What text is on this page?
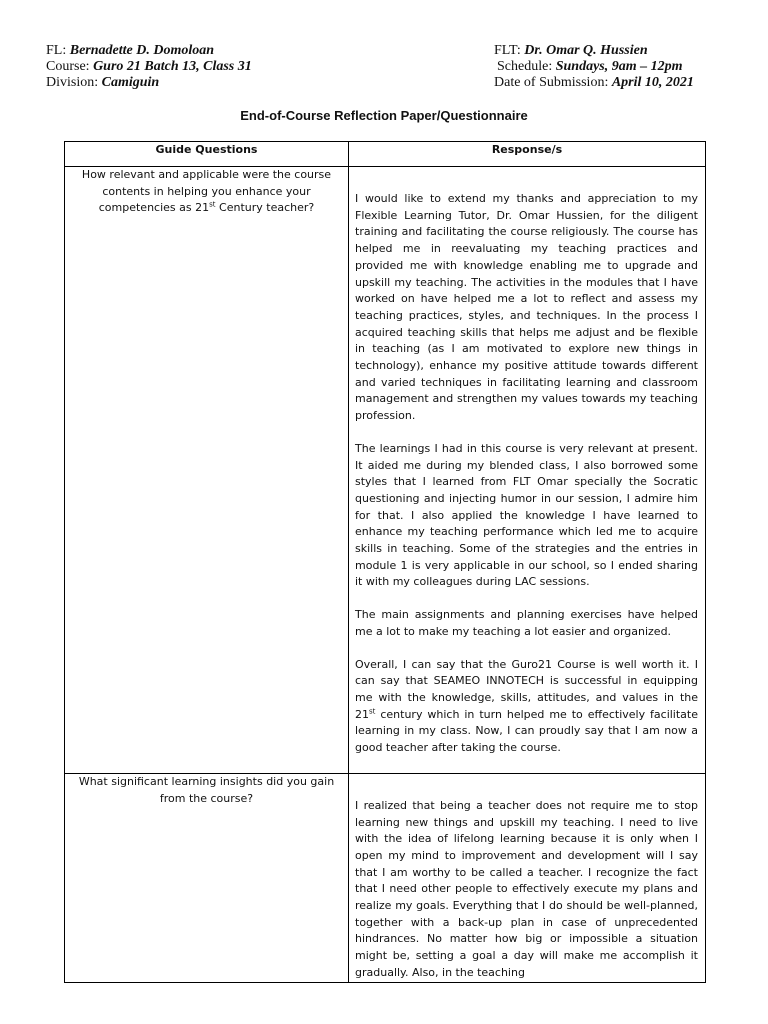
FL: Bernadette D. Domoloan
Course: Guro 21 Batch 13, Class 31
Division: Camiguin
FLT: Dr. Omar Q. Hussien
Schedule: Sundays, 9am – 12pm
Date of Submission: April 10, 2021
End-of-Course Reflection Paper/Questionnaire
Guide Questions	Response/s
How relevant and applicable were the course contents in helping you enhance your competencies as 21st Century teacher?	I would like to extend my thanks and appreciation to my Flexible Learning Tutor, Dr. Omar Hussien, for the diligent training and facilitating the course religiously. The course has helped me in reevaluating my teaching practices and provided me with knowledge enabling me to upgrade and upskill my teaching. The activities in the modules that I have worked on have helped me a lot to reflect and assess my teaching practices, styles, and techniques. In the process I acquired teaching skills that helps me adjust and be flexible in teaching (as I am motivated to explore new things in technology), enhance my positive attitude towards different and varied techniques in facilitating learning and classroom management and strengthen my values towards my teaching profession.

The learnings I had in this course is very relevant at present. It aided me during my blended class, I also borrowed some styles that I learned from FLT Omar specially the Socratic questioning and injecting humor in our session, I admire him for that. I also applied the knowledge I have learned to enhance my teaching performance which led me to acquire skills in teaching. Some of the strategies and the entries in module 1 is very applicable in our school, so I ended sharing it with my colleagues during LAC sessions.

The main assignments and planning exercises have helped me a lot to make my teaching a lot easier and organized.

Overall, I can say that the Guro21 Course is well worth it. I can say that SEAMEO INNOTECH is successful in equipping me with the knowledge, skills, attitudes, and values in the 21st century which in turn helped me to effectively facilitate learning in my class. Now, I can proudly say that I am now a good teacher after taking the course.

What significant learning insights did you gain from the course?	I realized that being a teacher does not require me to stop learning new things and upskill my teaching. I need to live with the idea of lifelong learning because it is only when I open my mind to improvement and development will I say that I am worthy to be called a teacher. I recognize the fact that I need other people to effectively execute my plans and realize my goals. Everything that I do should be well-planned, together with a back-up plan in case of unprecedented hindrances. No matter how big or impossible a situation might be, setting a goal a day will make me accomplish it gradually. Also, in the teaching
